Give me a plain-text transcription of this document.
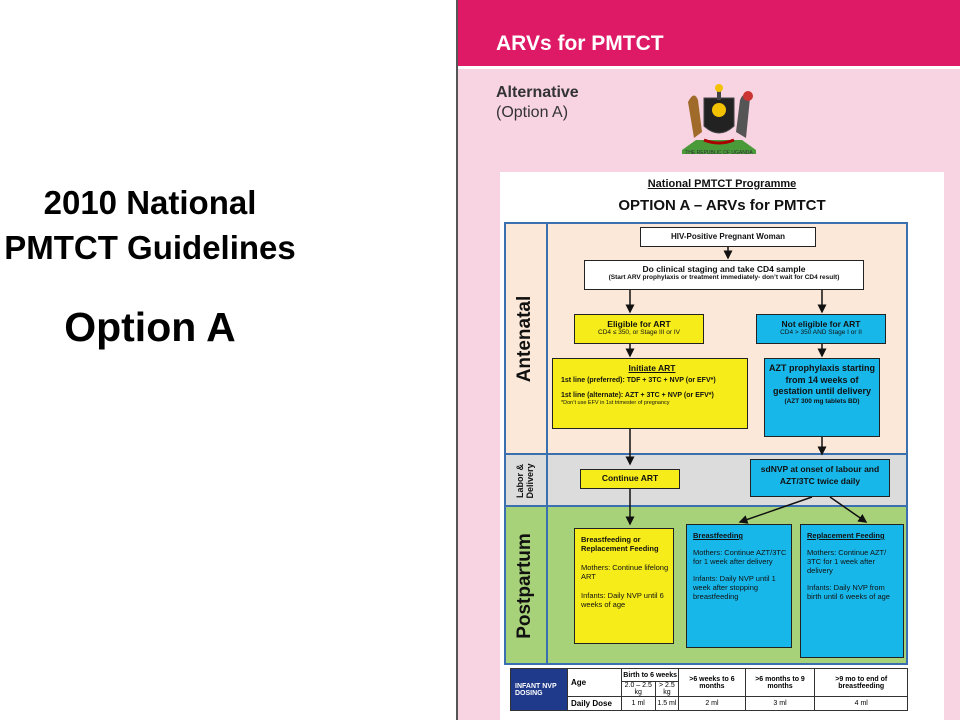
2010 National
PMTCT Guidelines
Option A
ARVs for PMTCT
Alternative
(Option A)
THE REPUBLIC OF UGANDA
National PMTCT Programme
OPTION A – ARVs for PMTCT
Antenatal
Labor & Delivery
Postpartum
HIV-Positive Pregnant Woman
Do clinical staging and take CD4 sample
(Start ARV prophylaxis or treatment immediately- don’t wait for CD4 result)
Eligible for ART
CD4 ≤ 350, or Stage III or IV
Not eligible for ART
CD4 > 350 AND Stage I or II
Initiate ART
1st line (preferred): TDF + 3TC + NVP (or EFV*)
1st line (alternate): AZT + 3TC + NVP (or EFV*)
*Don’t use EFV in 1st trimester of pregnancy
AZT prophylaxis starting from 14 weeks of gestation until delivery
(AZT 300 mg tablets BD)
Continue ART
sdNVP at onset of labour and AZT/3TC twice daily
Breastfeeding or Replacement Feeding
Mothers: Continue lifelong ART
Infants: Daily NVP until 6 weeks of age
Breastfeeding
Mothers: Continue AZT/3TC for 1 week after delivery
Infants: Daily NVP until 1 week after stopping breastfeeding
Replacement Feeding
Mothers: Continue AZT/ 3TC for 1 week after delivery
Infants: Daily NVP from birth until 6 weeks of age
INFANT NVP DOSING	Age	Birth to 6 weeks		>6 weeks to 6 months	>6 months to 9 months	>9 mo to end of breastfeeding
		2.0 – 2.5 kg	> 2.5 kg			
	Daily Dose	1 ml	1.5 ml	2 ml	3 ml	4 ml
